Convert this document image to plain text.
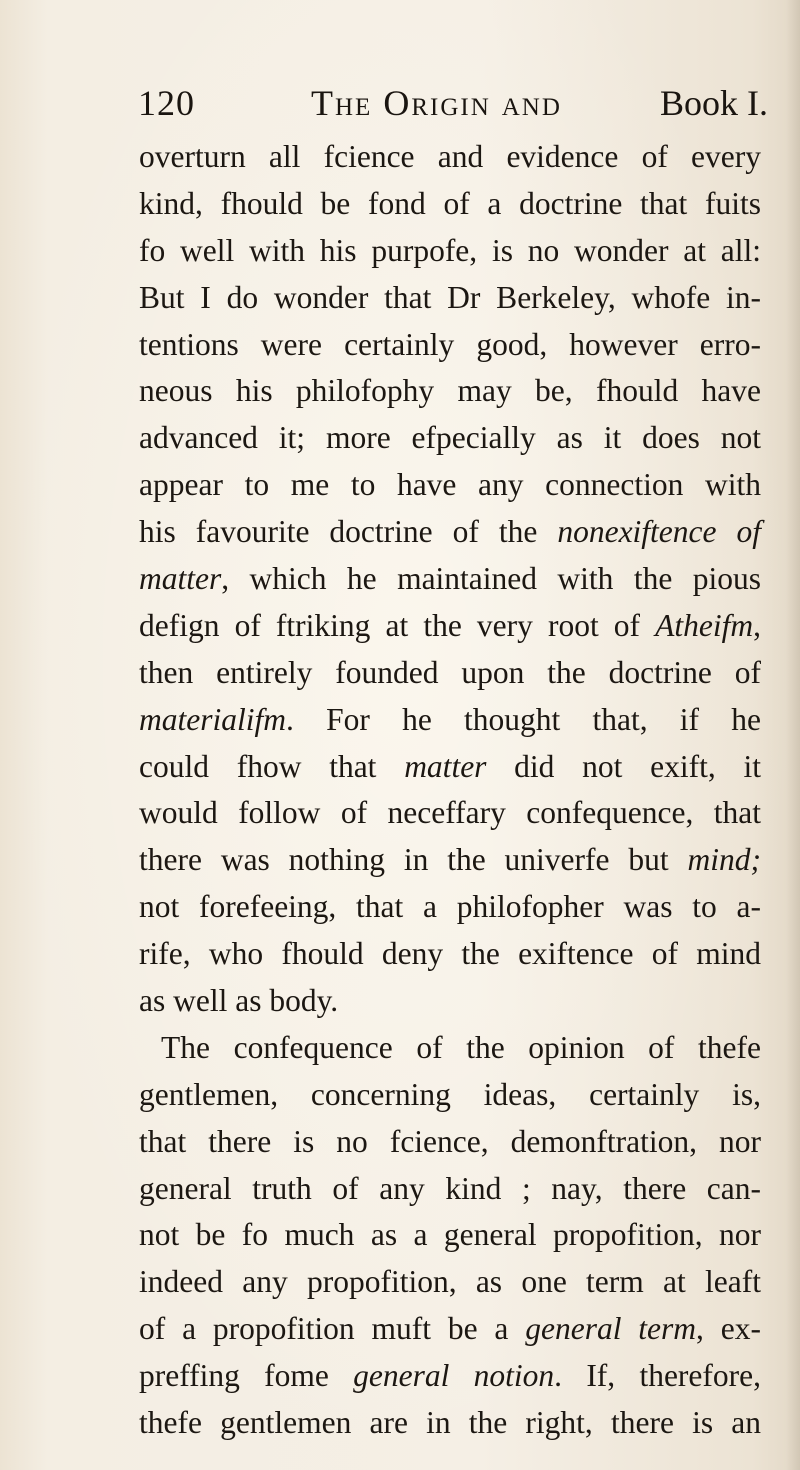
120	The Origin and	Book I.
overturn all fcience and evidence of every
kind, fhould be fond of a doctrine that fuits
fo well with his purpofe, is no wonder at all:
But I do wonder that Dr Berkeley, whofe in-
tentions were certainly good, however erro-
neous his philofophy may be, fhould have
advanced it; more efpecially as it does not
appear to me to have any connection with
his favourite doctrine of the nonexiftence of
matter, which he maintained with the pious
defign of ftriking at the very root of Atheifm,
then entirely founded upon the doctrine of
materialifm. For he thought that, if he
could fhow that matter did not exift, it
would follow of neceffary confequence, that
there was nothing in the univerfe but mind;
not forefeeing, that a philofopher was to a-
rife, who fhould deny the exiftence of mind
as well as body.
The confequence of the opinion of thefe
gentlemen, concerning ideas, certainly is,
that there is no fcience, demonftration, nor
general truth of any kind ; nay, there can-
not be fo much as a general propofition, nor
indeed any propofition, as one term at leaft
of a propofition muft be a general term, ex-
preffing fome general notion. If, therefore,
thefe gentlemen are in the right, there is an
